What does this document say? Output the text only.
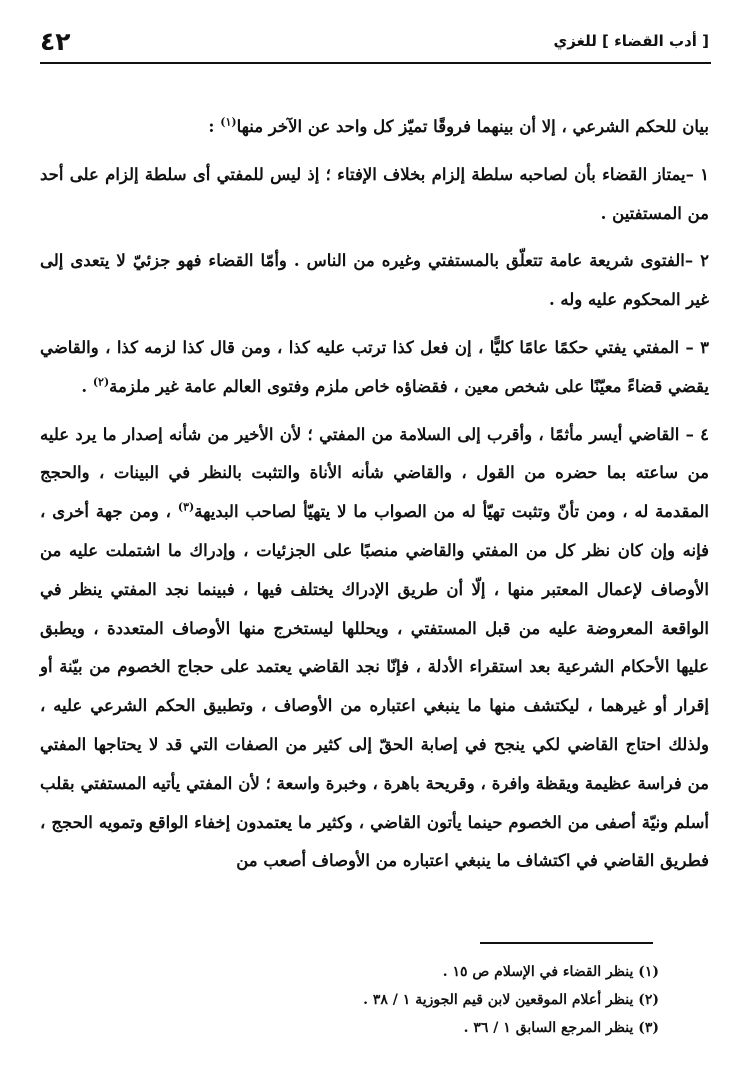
[ أدب القضاء ] للغزي
٤٢

بيان للحكم الشرعي ، إلا أن بينهما فروقًا تميّز كل واحد عن الآخر منها$^{(١)}$ :

١ –يمتاز القضاء بأن لصاحبه سلطة إلزام بخلاف الإفتاء ؛ إذ ليس للمفتي أى سلطة إلزام على أحد من المستفتين .

٢ –الفتوى شريعة عامة تتعلّق بالمستفتي وغيره من الناس . وأمّا القضاء فهو جزئيّ لا يتعدى إلى غير المحكوم عليه وله .

٣ – المفتي يفتي حكمًا عامًا كليًّا ، إن فعل كذا ترتب عليه كذا ، ومن قال كذا لزمه كذا ، والقاضي يقضي قضاءً معيّنًا على شخص معين ، فقضاؤه خاص ملزم وفتوى العالم عامة غير ملزمة$^{(٢)}$ .

٤ – القاضي أيسر مأثمًا ، وأقرب إلى السلامة من المفتي ؛ لأن الأخير من شأنه إصدار ما يرد عليه من ساعته بما حضره من القول ، والقاضي شأنه الأناة والتثبت بالنظر في البينات ، والحجج المقدمة له ، ومن تأنّ وتثبت تهيّأ له من الصواب ما لا يتهيّأ لصاحب البديهة$^{(٣)}$ ، ومن جهة أخرى ، فإنه وإن كان نظر كل من المفتي والقاضي منصبًا على الجزئيات ، وإدراك ما اشتملت عليه من الأوصاف لإعمال المعتبر منها ، إلّا أن طريق الإدراك يختلف فيها ، فبينما نجد المفتي ينظر في الواقعة المعروضة عليه من قبل المستفتي ، ويحللها ليستخرج منها الأوصاف المتعددة ، ويطبق عليها الأحكام الشرعية بعد استقراء الأدلة ، فإنّا نجد القاضي يعتمد على حجاج الخصوم من بيّنة أو إقرار أو غيرهما ، ليكتشف منها ما ينبغي اعتباره من الأوصاف ، وتطبيق الحكم الشرعي عليه ، ولذلك احتاج القاضي لكي ينجح في إصابة الحقّ إلى كثير من الصفات التي قد لا يحتاجها المفتي من فراسة عظيمة ويقظة وافرة ، وقريحة باهرة ، وخبرة واسعة ؛ لأن المفتي يأتيه المستفتي بقلب أسلم ونيّة أصفى من الخصوم حينما يأتون القاضي ، وكثير ما يعتمدون إخفاء الواقع وتمويه الحجج ، فطريق القاضي في اكتشاف ما ينبغي اعتباره من الأوصاف أصعب من

(١) ينظر القضاء في الإسلام ص ١٥ .

(٢) ينظر أعلام الموقعين لابن قيم الجوزية ١ / ٣٨ .

(٣) ينظر المرجع السابق ١ / ٣٦ .
